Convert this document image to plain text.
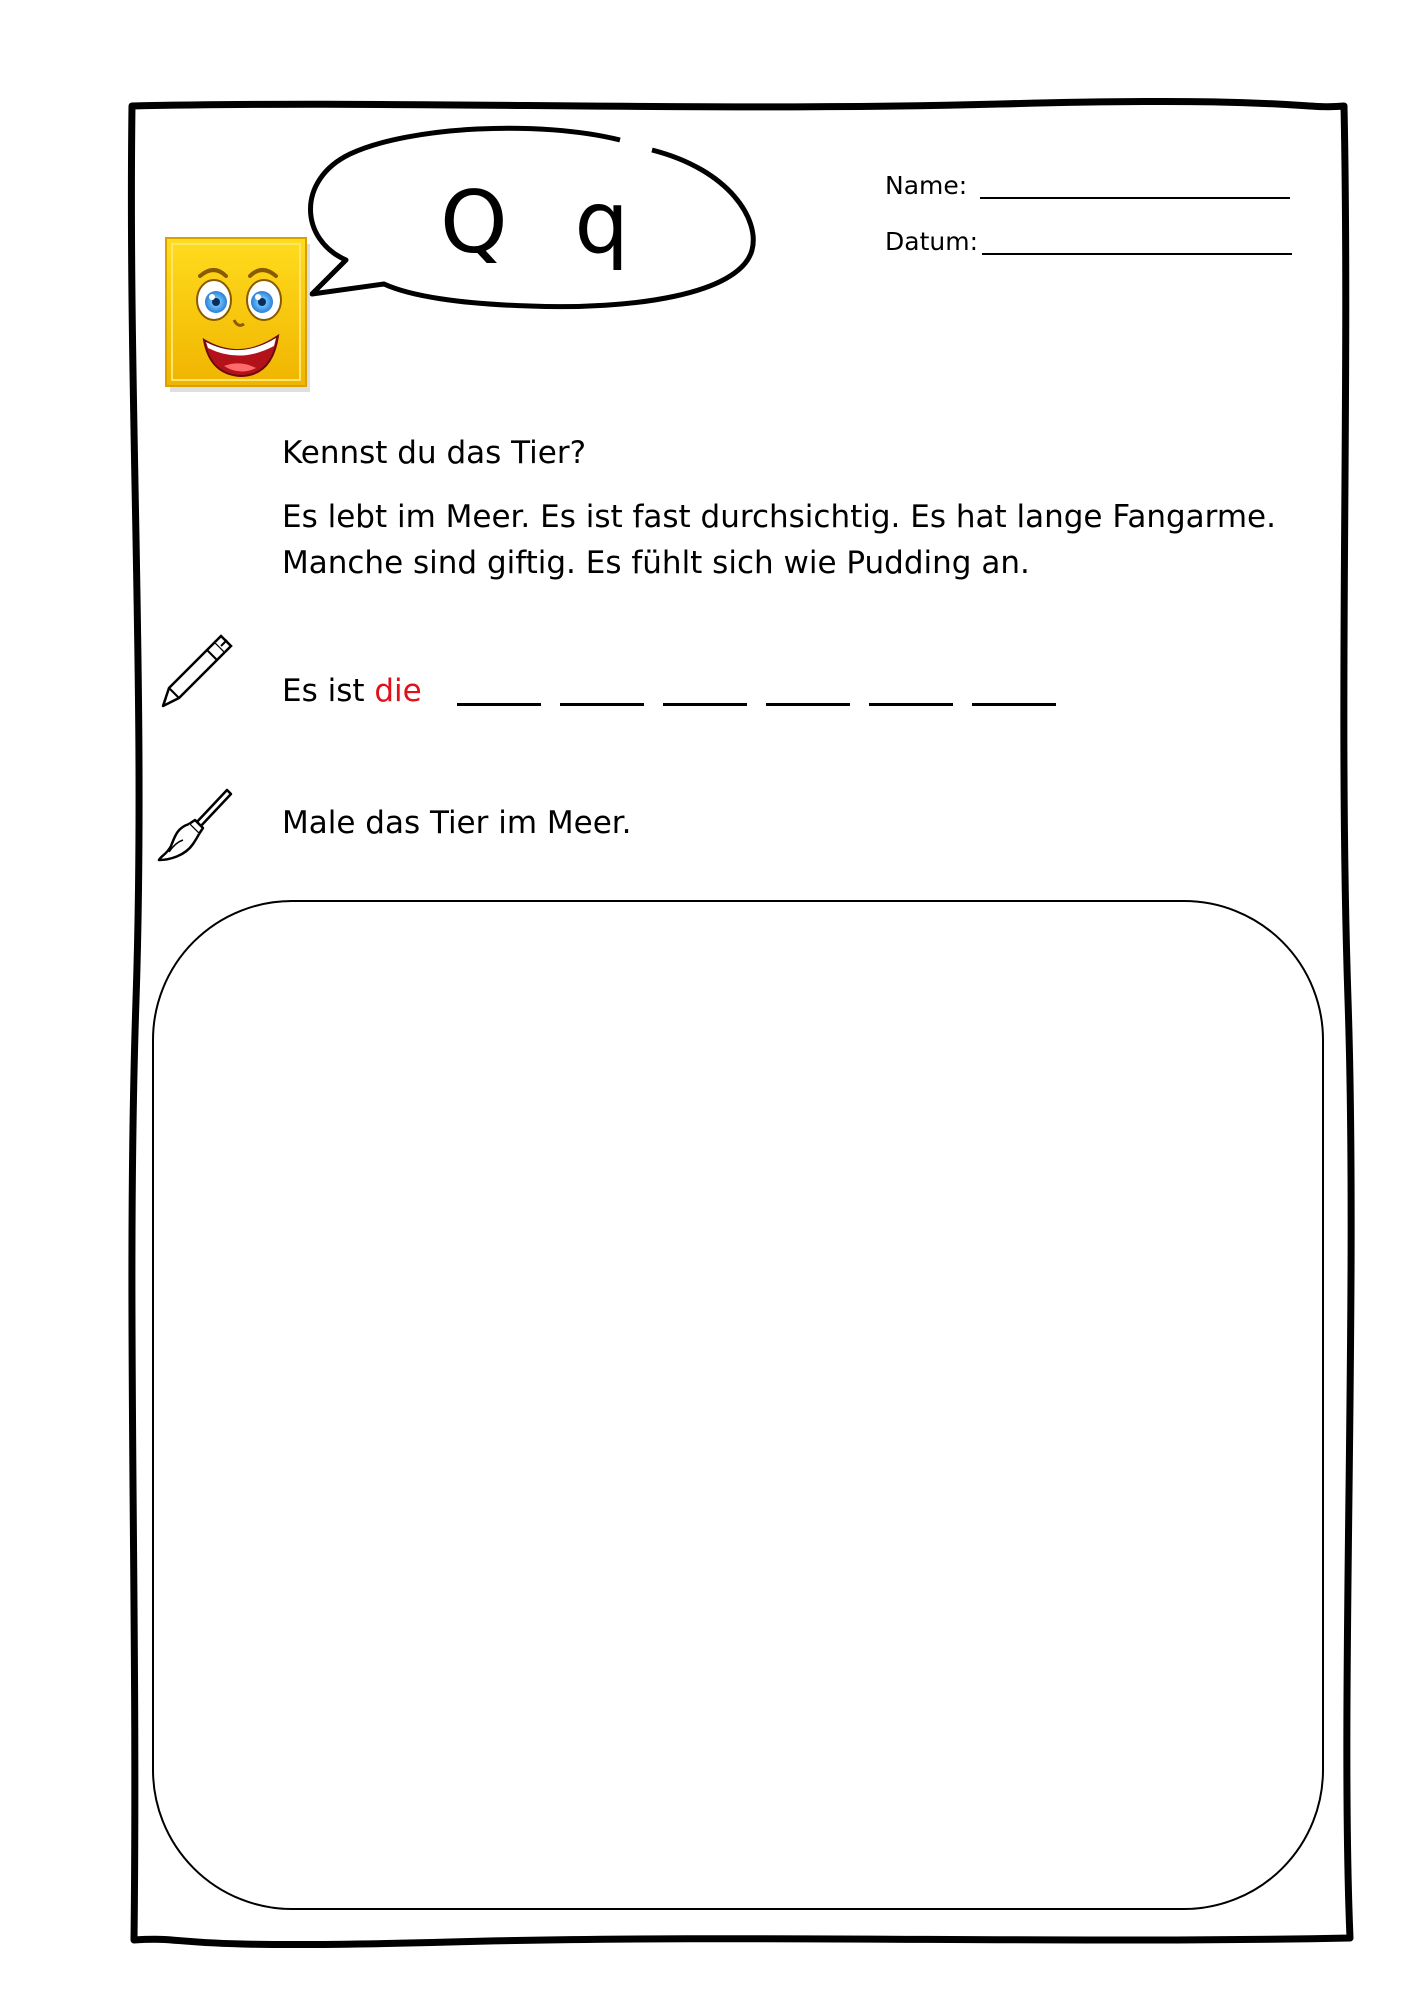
Q  q	Name:
Datum:
Kennst du das Tier?
Es lebt im Meer. Es ist fast durchsichtig. Es hat lange Fangarme.
Manche sind giftig. Es fühlt sich wie Pudding an.
Es ist die
Male das Tier im Meer.
